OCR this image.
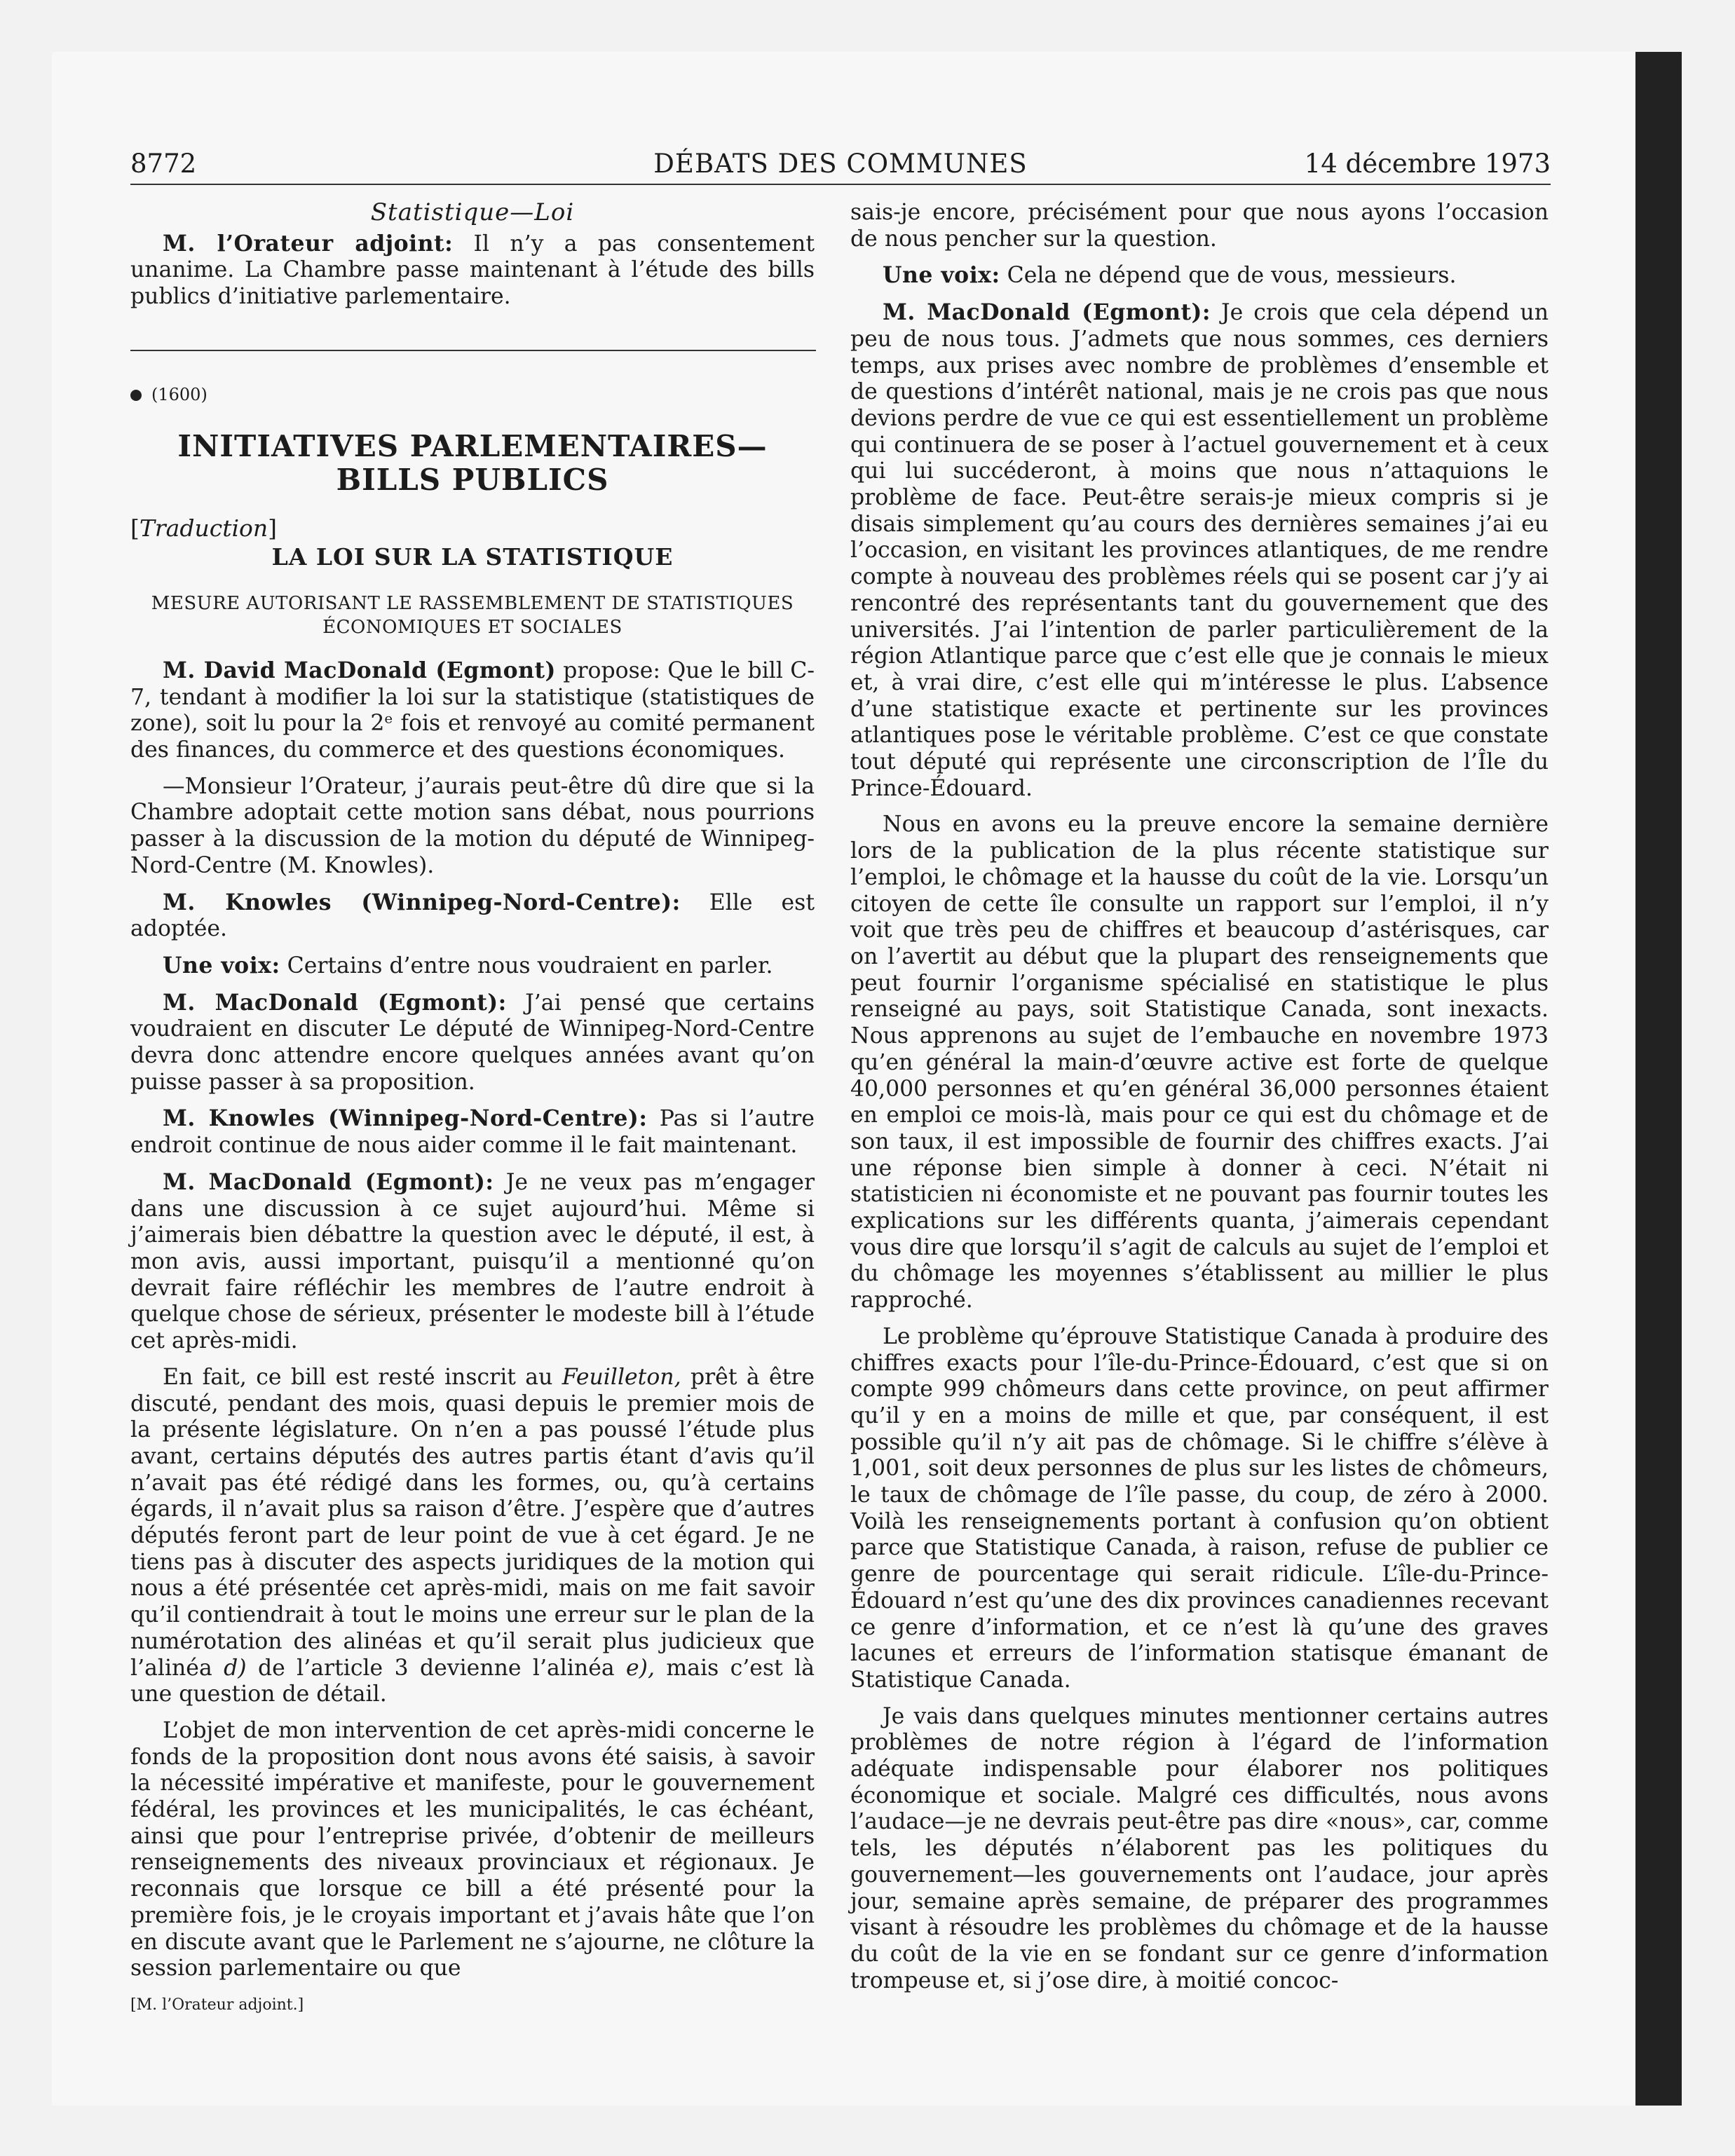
8772	DÉBATS DES COMMUNES	14 décembre 1973
Statistique—Loi

M. l’Orateur adjoint: Il n’y a pas consentement unanime. La Chambre passe maintenant à l’étude des bills publics d’initiative parlementaire.

(1600)
INITIATIVES PARLEMENTAIRES—BILLS PUBLICS
[Traduction]
LA LOI SUR LA STATISTIQUE
MESURE AUTORISANT LE RASSEMBLEMENT DE STATISTIQUES ÉCONOMIQUES ET SOCIALES

M. David MacDonald (Egmont) propose: Que le bill C-7, tendant à modifier la loi sur la statistique (statistiques de zone), soit lu pour la 2ᵉ fois et renvoyé au comité permanent des finances, du commerce et des questions économiques.

—Monsieur l’Orateur, j’aurais peut-être dû dire que si la Chambre adoptait cette motion sans débat, nous pourrions passer à la discussion de la motion du député de Winnipeg-Nord-Centre (M. Knowles).

M. Knowles (Winnipeg-Nord-Centre): Elle est adoptée.

Une voix: Certains d’entre nous voudraient en parler.

M. MacDonald (Egmont): J’ai pensé que certains voudraient en discuter Le député de Winnipeg-Nord-Centre devra donc attendre encore quelques années avant qu’on puisse passer à sa proposition.

M. Knowles (Winnipeg-Nord-Centre): Pas si l’autre endroit continue de nous aider comme il le fait maintenant.

M. MacDonald (Egmont): Je ne veux pas m’engager dans une discussion à ce sujet aujourd’hui. Même si j’aimerais bien débattre la question avec le député, il est, à mon avis, aussi important, puisqu’il a mentionné qu’on devrait faire réfléchir les membres de l’autre endroit à quelque chose de sérieux, présenter le modeste bill à l’étude cet après-midi.

En fait, ce bill est resté inscrit au Feuilleton, prêt à être discuté, pendant des mois, quasi depuis le premier mois de la présente législature. On n’en a pas poussé l’étude plus avant, certains députés des autres partis étant d’avis qu’il n’avait pas été rédigé dans les formes, ou, qu’à certains égards, il n’avait plus sa raison d’être. J’espère que d’autres députés feront part de leur point de vue à cet égard. Je ne tiens pas à discuter des aspects juridiques de la motion qui nous a été présentée cet après-midi, mais on me fait savoir qu’il contiendrait à tout le moins une erreur sur le plan de la numérotation des alinéas et qu’il serait plus judicieux que l’alinéa d) de l’article 3 devienne l’alinéa e), mais c’est là une question de détail.

L’objet de mon intervention de cet après-midi concerne le fonds de la proposition dont nous avons été saisis, à savoir la nécessité impérative et manifeste, pour le gouvernement fédéral, les provinces et les municipalités, le cas échéant, ainsi que pour l’entreprise privée, d’obtenir de meilleurs renseignements des niveaux provinciaux et régionaux. Je reconnais que lorsque ce bill a été présenté pour la première fois, je le croyais important et j’avais hâte que l’on en discute avant que le Parlement ne s’ajourne, ne clôture la session parlementaire ou que

[M. l’Orateur adjoint.]

sais-je encore, précisément pour que nous ayons l’occasion de nous pencher sur la question.

Une voix: Cela ne dépend que de vous, messieurs.

M. MacDonald (Egmont): Je crois que cela dépend un peu de nous tous. J’admets que nous sommes, ces derniers temps, aux prises avec nombre de problèmes d’ensemble et de questions d’intérêt national, mais je ne crois pas que nous devions perdre de vue ce qui est essentiellement un problème qui continuera de se poser à l’actuel gouvernement et à ceux qui lui succéderont, à moins que nous n’attaquions le problème de face. Peut-être serais-je mieux compris si je disais simplement qu’au cours des dernières semaines j’ai eu l’occasion, en visitant les provinces atlantiques, de me rendre compte à nouveau des problèmes réels qui se posent car j’y ai rencontré des représentants tant du gouvernement que des universités. J’ai l’intention de parler particulièrement de la région Atlantique parce que c’est elle que je connais le mieux et, à vrai dire, c’est elle qui m’intéresse le plus. L’absence d’une statistique exacte et pertinente sur les provinces atlantiques pose le véritable problème. C’est ce que constate tout député qui représente une circonscription de l’Île du Prince-Édouard.

Nous en avons eu la preuve encore la semaine dernière lors de la publication de la plus récente statistique sur l’emploi, le chômage et la hausse du coût de la vie. Lorsqu’un citoyen de cette île consulte un rapport sur l’emploi, il n’y voit que très peu de chiffres et beaucoup d’astérisques, car on l’avertit au début que la plupart des renseignements que peut fournir l’organisme spécialisé en statistique le plus renseigné au pays, soit Statistique Canada, sont inexacts. Nous apprenons au sujet de l’embauche en novembre 1973 qu’en général la main-d’œuvre active est forte de quelque 40,000 personnes et qu’en général 36,000 personnes étaient en emploi ce mois-là, mais pour ce qui est du chômage et de son taux, il est impossible de fournir des chiffres exacts. J’ai une réponse bien simple à donner à ceci. N’était ni statisticien ni économiste et ne pouvant pas fournir toutes les explications sur les différents quanta, j’aimerais cependant vous dire que lorsqu’il s’agit de calculs au sujet de l’emploi et du chômage les moyennes s’établissent au millier le plus rapproché.

Le problème qu’éprouve Statistique Canada à produire des chiffres exacts pour l’île-du-Prince-Édouard, c’est que si on compte 999 chômeurs dans cette province, on peut affirmer qu’il y en a moins de mille et que, par conséquent, il est possible qu’il n’y ait pas de chômage. Si le chiffre s’élève à 1,001, soit deux personnes de plus sur les listes de chômeurs, le taux de chômage de l’île passe, du coup, de zéro à 2000. Voilà les renseignements portant à confusion qu’on obtient parce que Statistique Canada, à raison, refuse de publier ce genre de pourcentage qui serait ridicule. L’île-du-Prince-Édouard n’est qu’une des dix provinces canadiennes recevant ce genre d’information, et ce n’est là qu’une des graves lacunes et erreurs de l’information statisque émanant de Statistique Canada.

Je vais dans quelques minutes mentionner certains autres problèmes de notre région à l’égard de l’information adéquate indispensable pour élaborer nos politiques économique et sociale. Malgré ces difficultés, nous avons l’audace—je ne devrais peut-être pas dire «nous», car, comme tels, les députés n’élaborent pas les politiques du gouvernement—les gouvernements ont l’audace, jour après jour, semaine après semaine, de préparer des programmes visant à résoudre les problèmes du chômage et de la hausse du coût de la vie en se fondant sur ce genre d’information trompeuse et, si j’ose dire, à moitié concoc-
